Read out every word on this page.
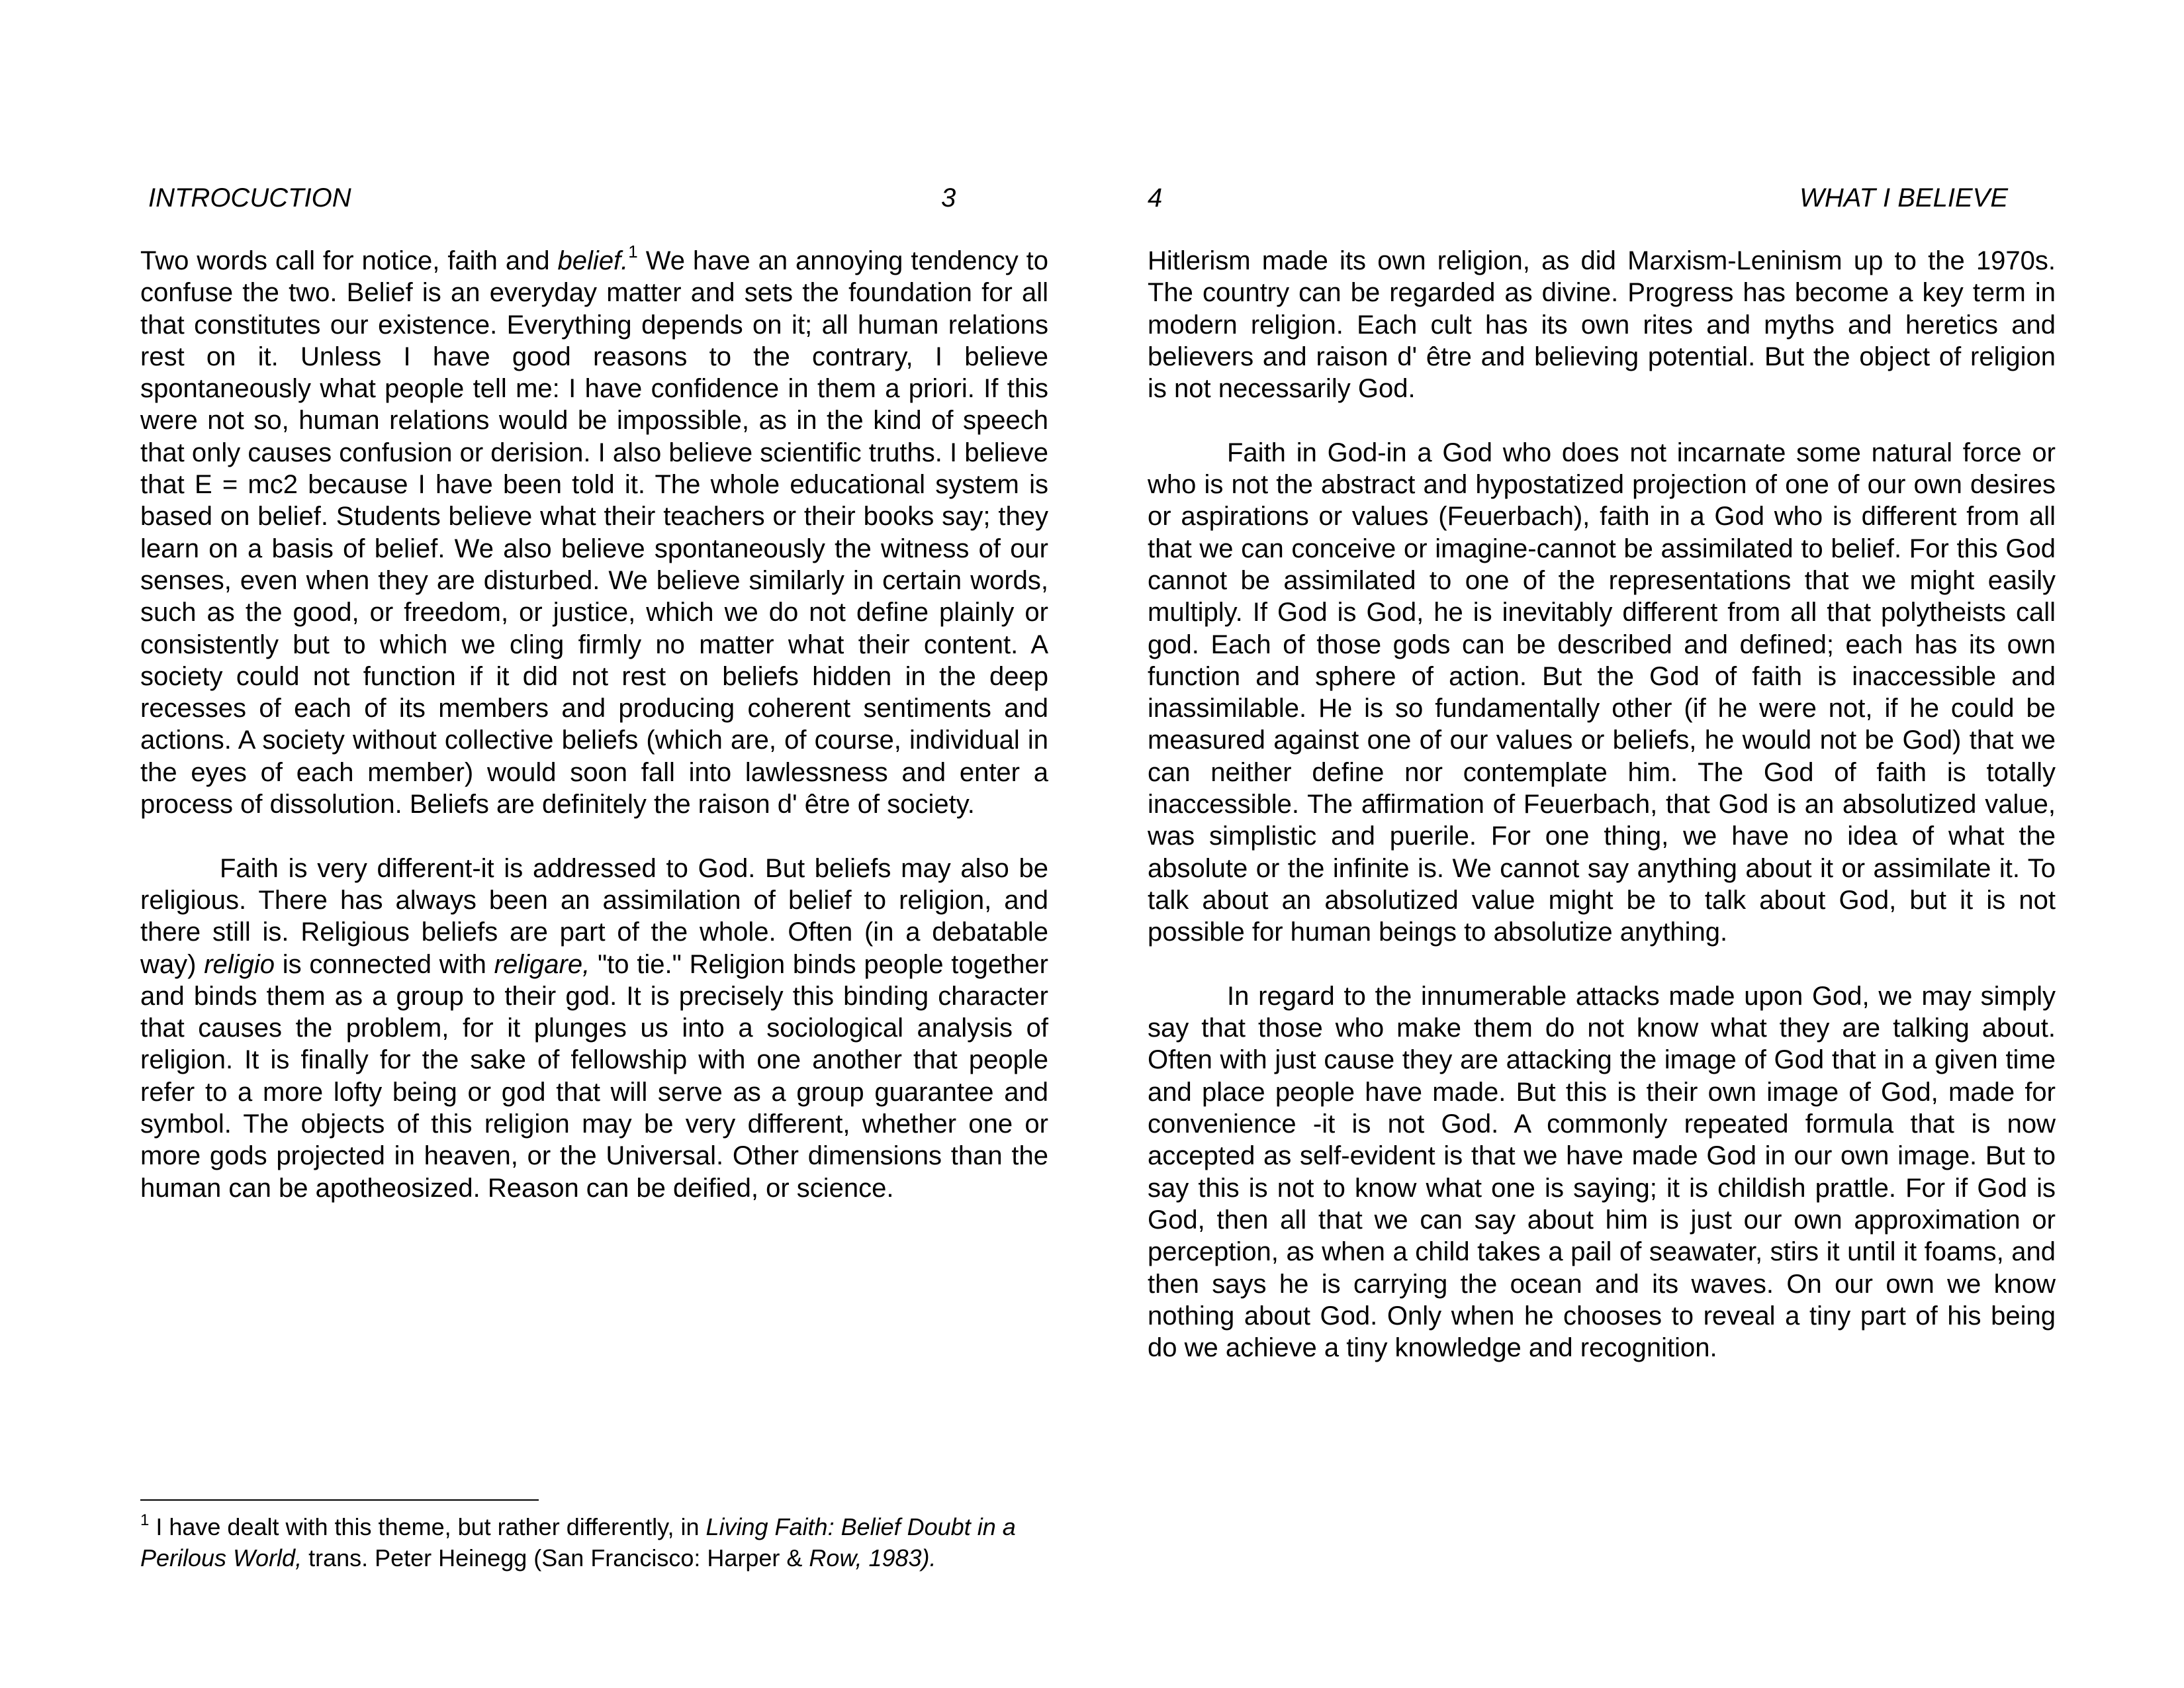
INTROCUCTION	3

Two words call for notice, faith and belief.$^1$ We have an annoying tendency to confuse the two. Belief is an everyday matter and sets the foundation for all that constitutes our existence. Everything depends on it; all human relations rest on it. Unless I have good reasons to the contrary, I believe spontaneously what people tell me: I have confidence in them a priori. If this were not so, human relations would be impossible, as in the kind of speech that only causes confusion or derision. I also believe scientific truths. I believe that E = mc2 because I have been told it. The whole educational system is based on belief. Students believe what their teachers or their books say; they learn on a basis of belief. We also believe spontaneously the witness of our senses, even when they are disturbed. We believe similarly in certain words, such as the good, or freedom, or justice, which we do not define plainly or consistently but to which we cling firmly no matter what their content. A society could not function if it did not rest on beliefs hidden in the deep recesses of each of its members and producing coherent sentiments and actions. A society without collective beliefs (which are, of course, individual in the eyes of each member) would soon fall into lawlessness and enter a process of dissolution. Beliefs are definitely the raison d' être of society.

Faith is very different-it is addressed to God. But beliefs may also be religious. There has always been an assimilation of belief to religion, and there still is. Religious beliefs are part of the whole. Often (in a debatable way) religio is connected with religare, "to tie." Religion binds people together and binds them as a group to their god. It is precisely this binding character that causes the problem, for it plunges us into a sociological analysis of religion. It is finally for the sake of fellowship with one another that people refer to a more lofty being or god that will serve as a group guarantee and symbol. The objects of this religion may be very different, whether one or more gods projected in heaven, or the Universal. Other dimensions than the human can be apotheosized. Reason can be deified, or science.

$^1$ I have dealt with this theme, but rather differently, in Living Faith: Belief Doubt in a Perilous World, trans. Peter Heinegg (San Francisco: Harper & Row, 1983).

4	WHAT I BELIEVE

Hitlerism made its own religion, as did Marxism-Leninism up to the 1970s. The country can be regarded as divine. Progress has become a key term in modern religion. Each cult has its own rites and myths and heretics and believers and raison d' être and believing potential. But the object of religion is not necessarily God.

Faith in God-in a God who does not incarnate some natural force or who is not the abstract and hypostatized projection of one of our own desires or aspirations or values (Feuerbach), faith in a God who is different from all that we can conceive or imagine-cannot be assimilated to belief. For this God cannot be assimilated to one of the representations that we might easily multiply. If God is God, he is inevitably different from all that polytheists call god. Each of those gods can be described and defined; each has its own function and sphere of action. But the God of faith is inaccessible and inassimilable. He is so fundamentally other (if he were not, if he could be measured against one of our values or beliefs, he would not be God) that we can neither define nor contemplate him. The God of faith is totally inaccessible. The affirmation of Feuerbach, that God is an absolutized value, was simplistic and puerile. For one thing, we have no idea of what the absolute or the infinite is. We cannot say anything about it or assimilate it. To talk about an absolutized value might be to talk about God, but it is not possible for human beings to absolutize anything.

In regard to the innumerable attacks made upon God, we may simply say that those who make them do not know what they are talking about. Often with just cause they are attacking the image of God that in a given time and place people have made. But this is their own image of God, made for convenience -it is not God. A commonly repeated formula that is now accepted as self-evident is that we have made God in our own image. But to say this is not to know what one is saying; it is childish prattle. For if God is God, then all that we can say about him is just our own approximation or perception, as when a child takes a pail of seawater, stirs it until it foams, and then says he is carrying the ocean and its waves. On our own we know nothing about God. Only when he chooses to reveal a tiny part of his being do we achieve a tiny knowledge and recognition.
